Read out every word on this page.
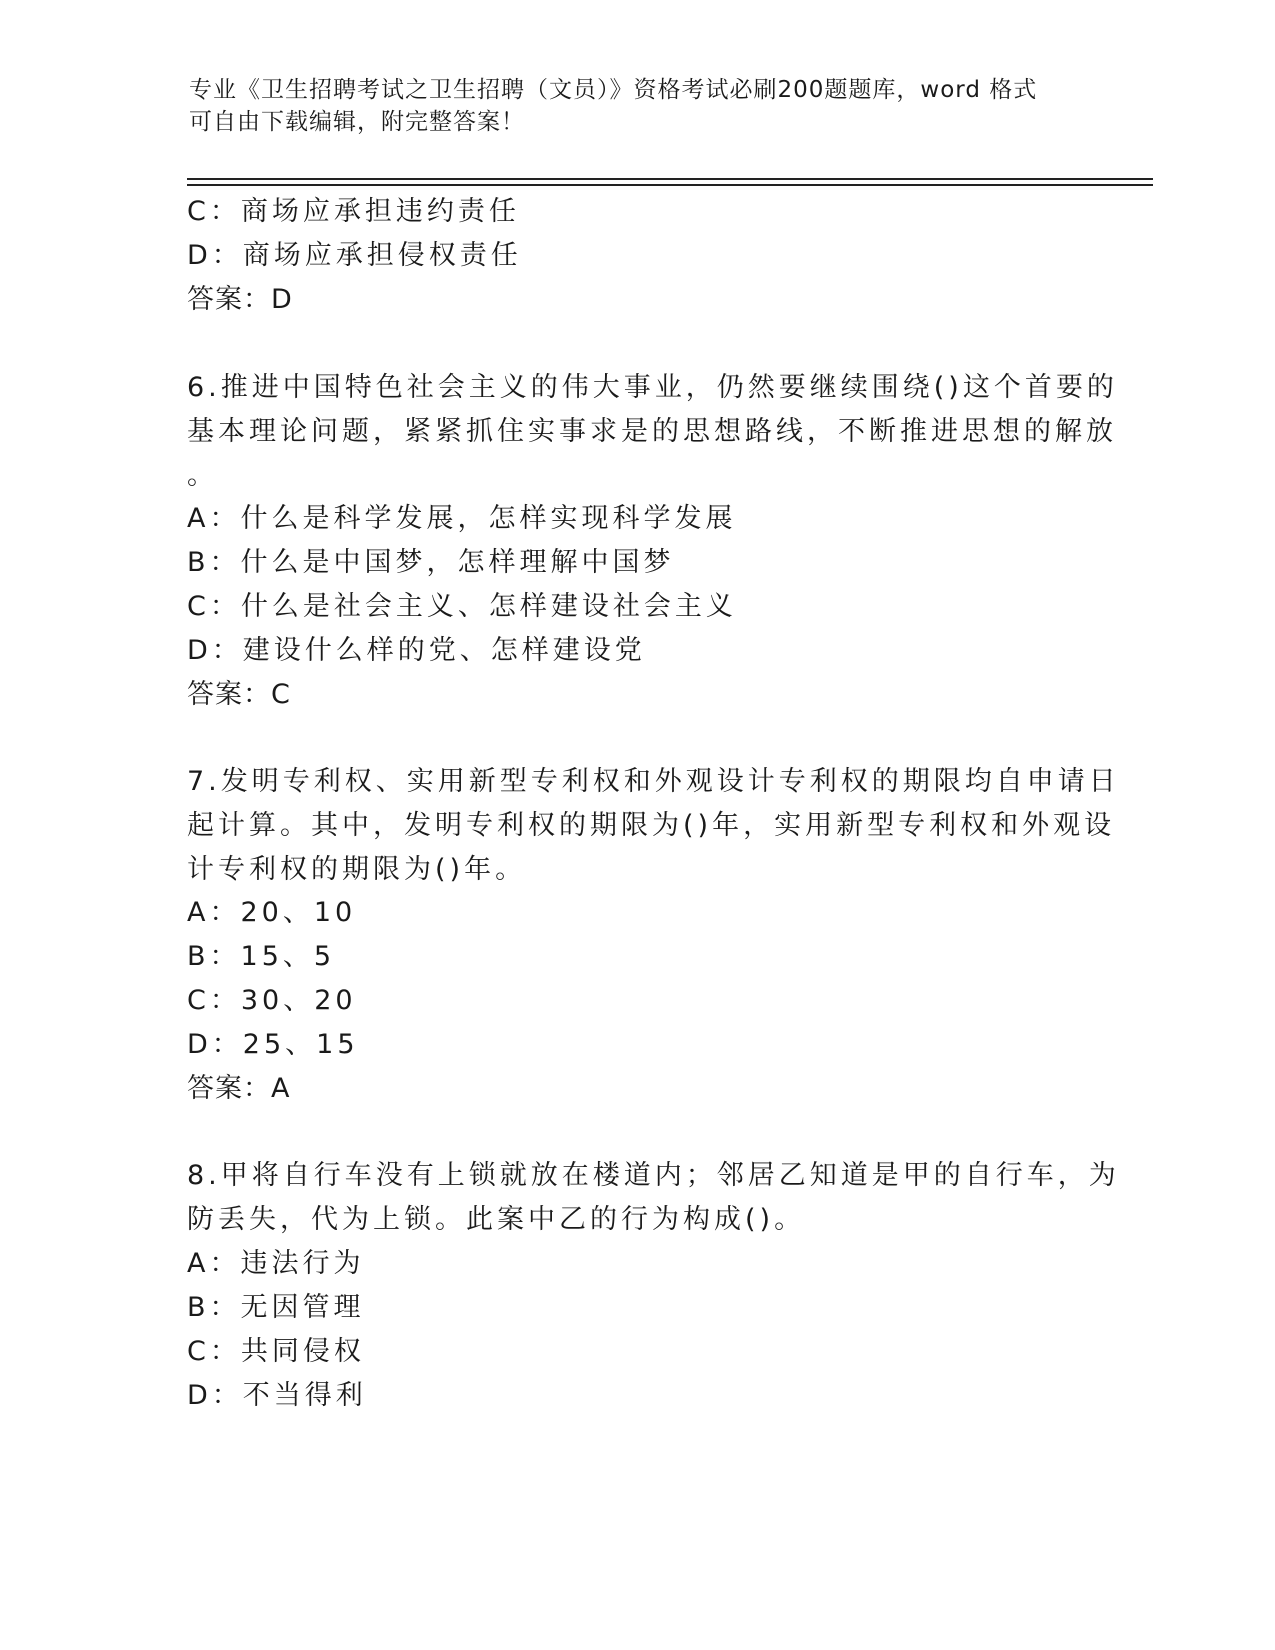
专业《卫生招聘考试之卫生招聘（文员）》资格考试必刷200题题库，word 格式
可自由下载编辑，附完整答案！
C：商场应承担违约责任
D：商场应承担侵权责任
答案：D
6.推进中国特色社会主义的伟大事业，仍然要继续围绕()这个首要的
基本理论问题，紧紧抓住实事求是的思想路线，不断推进思想的解放
。
A：什么是科学发展，怎样实现科学发展
B：什么是中国梦，怎样理解中国梦
C：什么是社会主义、怎样建设社会主义
D：建设什么样的党、怎样建设党
答案：C
7.发明专利权、实用新型专利权和外观设计专利权的期限均自申请日
起计算。其中，发明专利权的期限为()年，实用新型专利权和外观设
计专利权的期限为()年。
A：20、10
B：15、5
C：30、20
D：25、15
答案：A
8.甲将自行车没有上锁就放在楼道内；邻居乙知道是甲的自行车，为
防丢失，代为上锁。此案中乙的行为构成()。
A：违法行为
B：无因管理
C：共同侵权
D：不当得利
